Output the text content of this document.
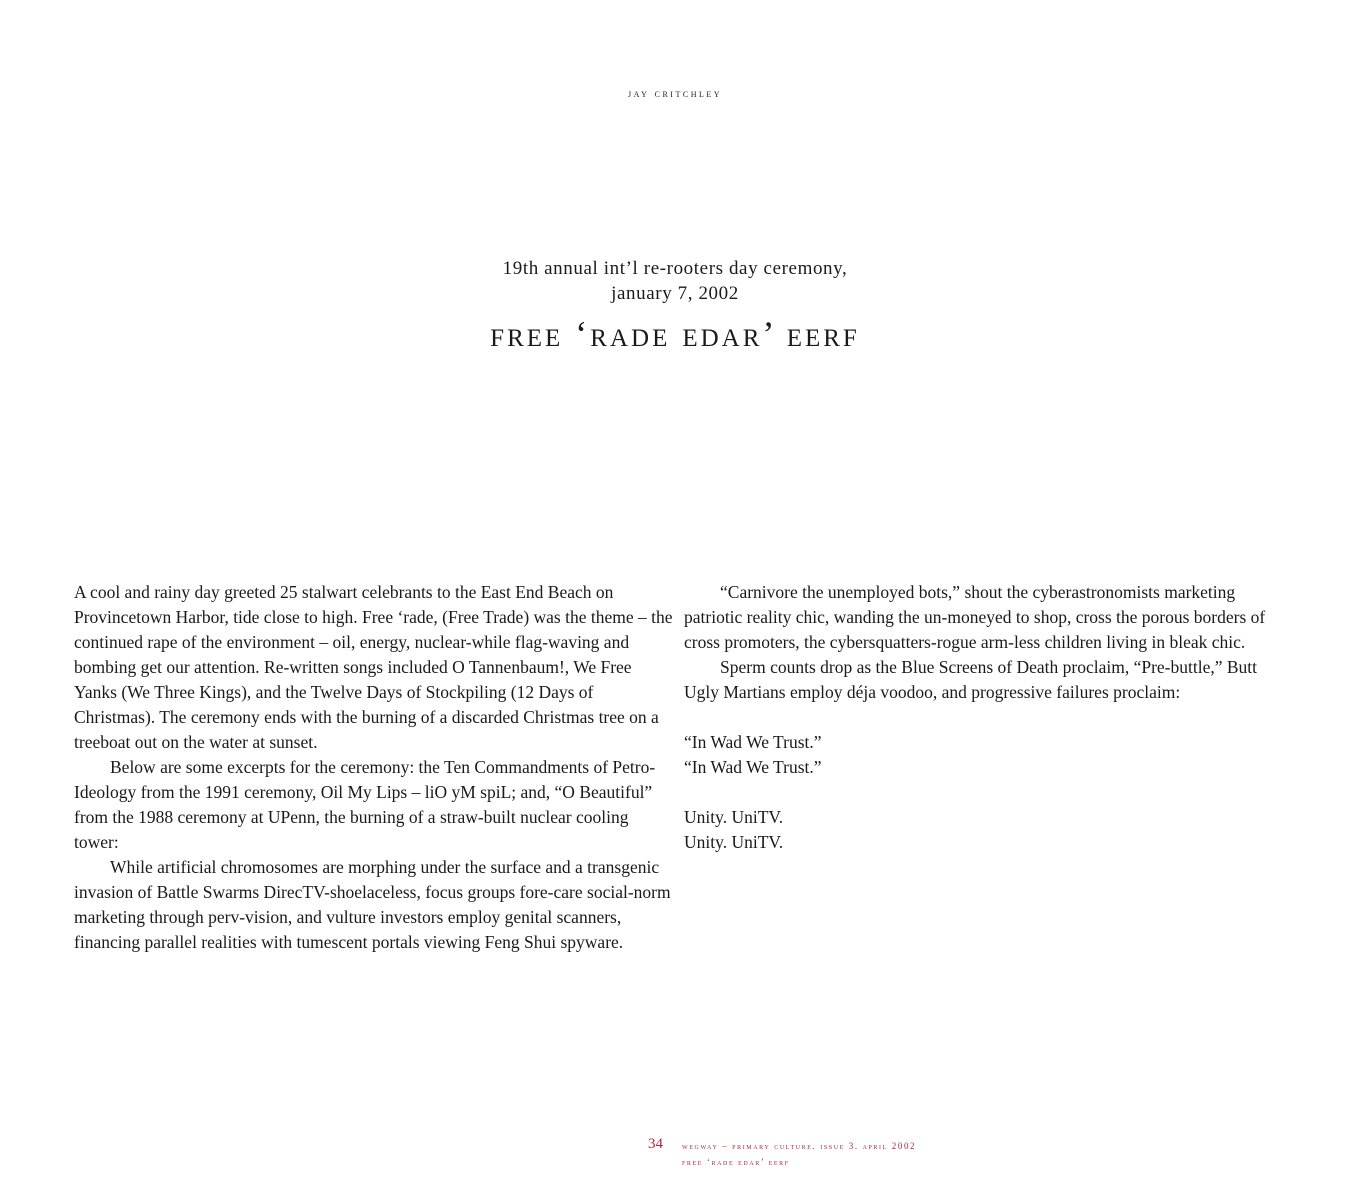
jay critchley
19th annual int’l re-rooters day ceremony,
january 7, 2002
free ‘rade edar’ eerf

A cool and rainy day greeted 25 stalwart celebrants to the East End Beach on Provincetown Harbor, tide close to high. Free ‘rade, (Free Trade) was the theme – the continued rape of the environment – oil, energy, nuclear-while flag-waving and bombing get our attention. Re-written songs included O Tannenbaum!, We Free Yanks (We Three Kings), and the Twelve Days of Stockpiling (12 Days of Christmas). The ceremony ends with the burning of a discarded Christmas tree on a treeboat out on the water at sunset.

Below are some excerpts for the ceremony: the Ten Commandments of Petro-Ideology from the 1991 ceremony, Oil My Lips – liO yM spiL; and, “O Beautiful” from the 1988 ceremony at UPenn, the burning of a straw-built nuclear cooling tower:

While artificial chromosomes are morphing under the surface and a transgenic invasion of Battle Swarms DirecTV-shoelaceless, focus groups fore-care social-norm marketing through perv-vision, and vulture investors employ genital scanners, financing parallel realities with tumescent portals viewing Feng Shui spyware.

“Carnivore the unemployed bots,” shout the cyberastronomists marketing patriotic reality chic, wanding the un-moneyed to shop, cross the porous borders of cross promoters, the cybersquatters-rogue arm-less children living in bleak chic.

Sperm counts drop as the Blue Screens of Death proclaim, “Pre-buttle,” Butt Ugly Martians employ déja voodoo, and progressive failures proclaim:

“In Wad We Trust.”

“In Wad We Trust.”

Unity. UniTV.

Unity. UniTV.

34 wegway – primary culture. issue 3. april 2002
free ‘rade edar’ eerf
